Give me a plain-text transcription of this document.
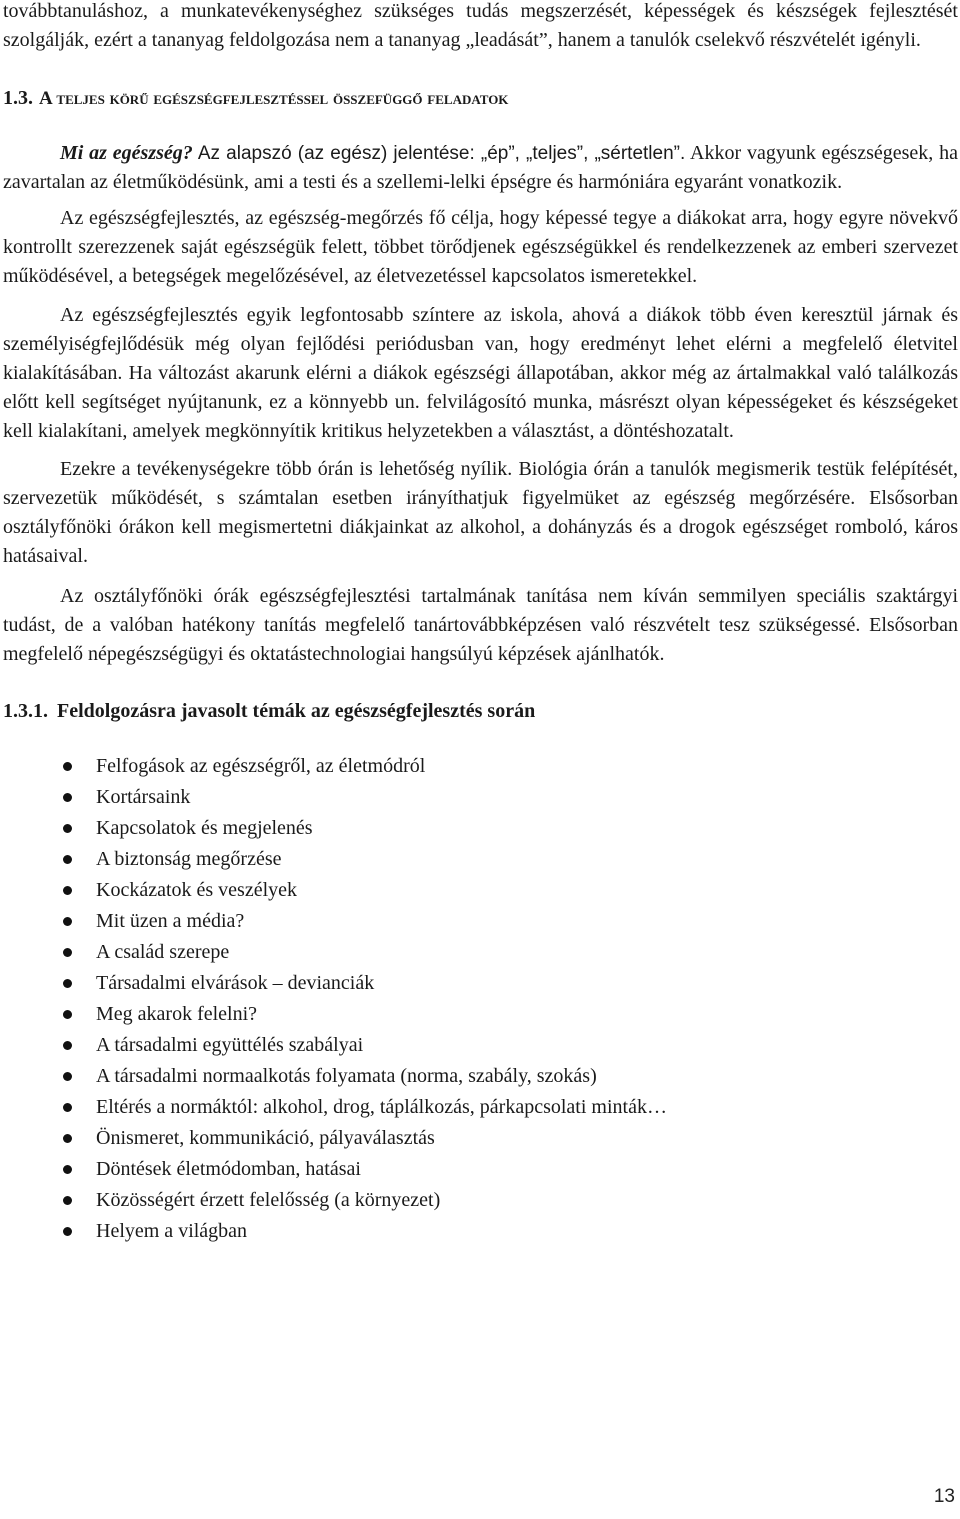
továbbtanuláshoz, a munkatevékenységhez szükséges tudás megszerzését, képességek és készségek fejlesztését szolgálják, ezért a tananyag feldolgozása nem a tananyag „leadását”, hanem a tanulók cselekvő részvételét igényli.

1.3. A teljes körű egészségfejlesztéssel összefüggő feladatok

Mi az egészség? Az alapszó (az egész) jelentése: „ép”, „teljes”, „sértetlen”. Akkor vagyunk egészségesek, ha zavartalan az életműködésünk, ami a testi és a szellemi-lelki épségre és harmóniára egyaránt vonatkozik.

Az egészségfejlesztés, az egészség-megőrzés fő célja, hogy képessé tegye a diákokat arra, hogy egyre növekvő kontrollt szerezzenek saját egészségük felett, többet törődjenek egészségükkel és rendelkezzenek az emberi szervezet működésével, a betegségek megelőzésével, az életvezetéssel kapcsolatos ismeretekkel.

Az egészségfejlesztés egyik legfontosabb színtere az iskola, ahová a diákok több éven keresztül járnak és személyiségfejlődésük még olyan fejlődési periódusban van, hogy eredményt lehet elérni a megfelelő életvitel kialakításában. Ha változást akarunk elérni a diákok egészségi állapotában, akkor még az ártalmakkal való találkozás előtt kell segítséget nyújtanunk, ez a könnyebb un. felvilágosító munka, másrészt olyan képességeket és készségeket kell kialakítani, amelyek megkönnyítik kritikus helyzetekben a választást, a döntéshozatalt.

Ezekre a tevékenységekre több órán is lehetőség nyílik. Biológia órán a tanulók megismerik testük felépítését, szervezetük működését, s számtalan esetben irányíthatjuk figyelmüket az egészség megőrzésére. Elsősorban osztályfőnöki órákon kell megismertetni diákjainkat az alkohol, a dohányzás és a drogok egészséget romboló, káros hatásaival.

Az osztályfőnöki órák egészségfejlesztési tartalmának tanítása nem kíván semmilyen speciális szaktárgyi tudást, de a valóban hatékony tanítás megfelelő tanártovábbképzésen való részvételt tesz szükségessé. Elsősorban megfelelő népegészségügyi és oktatástechnologiai hangsúlyú képzések ajánlhatók.

1.3.1. Feldolgozásra javasolt témák az egészségfejlesztés során
Felfogások az egészségről, az életmódról
Kortársaink
Kapcsolatok és megjelenés
A biztonság megőrzése
Kockázatok és veszélyek
Mit üzen a média?
A család szerepe
Társadalmi elvárások – devianciák
Meg akarok felelni?
A társadalmi együttélés szabályai
A társadalmi normaalkotás folyamata (norma, szabály, szokás)
Eltérés a normáktól: alkohol, drog, táplálkozás, párkapcsolati minták…
Önismeret, kommunikáció, pályaválasztás
Döntések életmódomban, hatásai
Közösségért érzett felelősség (a környezet)
Helyem a világban
13
